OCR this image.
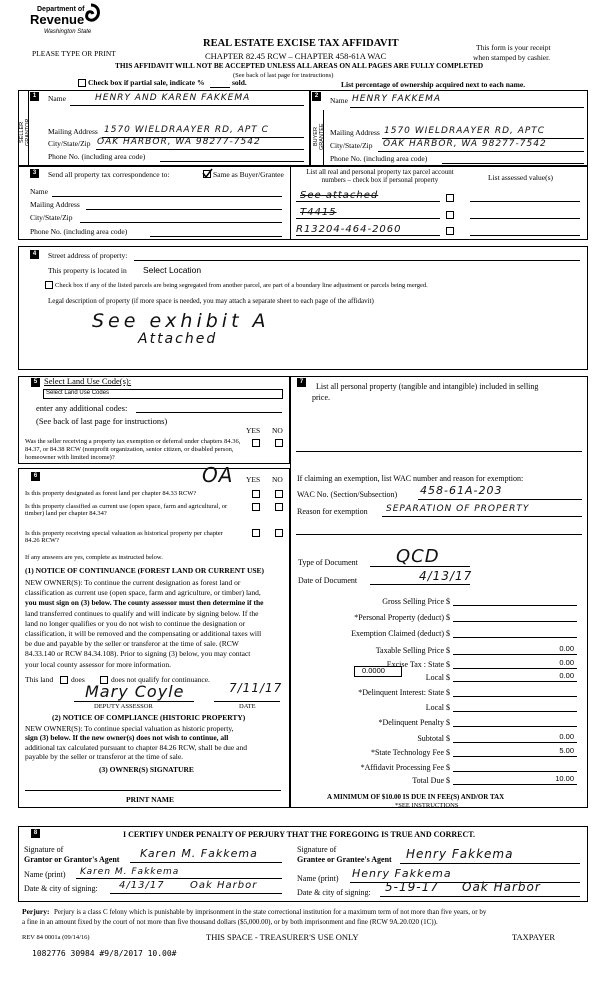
Department of
Revenue
Washington State
PLEASE TYPE OR PRINT
REAL ESTATE EXCISE TAX AFFIDAVIT
CHAPTER 82.45 RCW – CHAPTER 458-61A WAC
THIS AFFIDAVIT WILL NOT BE ACCEPTED UNLESS ALL AREAS ON ALL PAGES ARE FULLY COMPLETED
This form is your receipt
when stamped by cashier.
(See back of last page for instructions)
Check box if partial sale, indicate %	sold.	List percentage of ownership acquired next to each name.
1
SELLER GRANTOR
Name	HENRY AND KAREN FAKKEMA
Mailing Address 1570 WIELDRAAYER RD, APT C
City/State/Zip OAK HARBOR, WA 98277-7542
Phone No. (including area code)
2
BUYER GRANTEE
Name HENRY FAKKEMA
Mailing Address 1570 WIELDRAAYER RD, APTC
City/State/Zip OAK HARBOR, WA 98277-7542
Phone No. (including area code)
3	Send all property tax correspondence to:	Same as Buyer/Grantee
Name
Mailing Address
City/State/Zip
Phone No. (including area code)
List all real and personal property tax parcel account numbers – check box if personal property	List assessed value(s)
See attached
T4415
R13204-464-2060
4	Street address of property:
This property is located in Select Location
Check box if any of the listed parcels are being segregated from another parcel, are part of a boundary line adjustment or parcels being merged.
Legal description of property (if more space is needed, you may attach a separate sheet to each page of the affidavit)
See exhibit A
Attached
5 Select Land Use Code(s):
Select Land Use Codes
enter any additional codes:
(See back of last page for instructions)
YES NO
Was the seller receiving a property tax exemption or deferral under chapters 84.36, 84.37, or 84.38 RCW (nonprofit organization, senior citizen, or disabled person, homeowner with limited income)?
6	YES NO
OA
Is this property designated as forest land per chapter 84.33 RCW?
Is this property classified as current use (open space, farm and agricultural, or timber) land per chapter 84.34?
Is this property receiving special valuation as historical property per chapter 84.26 RCW?
If any answers are yes, complete as instructed below.
(1) NOTICE OF CONTINUANCE (FOREST LAND OR CURRENT USE)
NEW OWNER(S): To continue the current designation as forest land or
classification as current use (open space, farm and agriculture, or timber) land,
you must sign on (3) below. The county assessor must then determine if the
land transferred continues to qualify and will indicate by signing below. If the
land no longer qualifies or you do not wish to continue the designation or
classification, it will be removed and the compensating or additional taxes will
be due and payable by the seller or transferor at the time of sale. (RCW
84.33.140 or RCW 84.34.108). Prior to signing (3) below, you may contact
your local county assessor for more information.
This land does	does not qualify for continuance.
Mary Coyle	7/11/17
DEPUTY ASSESSOR	DATE
(2) NOTICE OF COMPLIANCE (HISTORIC PROPERTY)
NEW OWNER(S): To continue special valuation as historic property,
sign (3) below. If the new owner(s) does not wish to continue, all
additional tax calculated pursuant to chapter 84.26 RCW, shall be due and
payable by the seller or transferor at the time of sale.
(3) OWNER(S) SIGNATURE
PRINT NAME
7	List all personal property (tangible and intangible) included in selling
price.
If claiming an exemption, list WAC number and reason for exemption:
WAC No. (Section/Subsection) 458-61A-203
Reason for exemption SEPARATION OF PROPERTY
Type of Document QCD
Date of Document	4/13/17
Gross Selling Price $
*Personal Property (deduct) $
Exemption Claimed (deduct) $
Taxable Selling Price $	0.00
Excise Tax : State $	0.00
Local $	0.00
*Delinquent Interest: State $
Local $
*Delinquent Penalty $
Subtotal $	0.00
*State Technology Fee $	5.00
*Affidavit Processing Fee $
Total Due $	10.00
0.0000
A MINIMUM OF $10.00 IS DUE IN FEE(S) AND/OR TAX
*SEE INSTRUCTIONS
8	I CERTIFY UNDER PENALTY OF PERJURY THAT THE FOREGOING IS TRUE AND CORRECT.
Signature of
Grantor or Grantor's Agent Karen M. Fakkema
Name (print) Karen M. Fakkema
Date & city of signing: 4/13/17	Oak Harbor
Signature of
Grantee or Grantee's Agent Henry Fakkema
Name (print) Henry Fakkema
Date & city of signing: 5-19-17 Oak Harbor
Perjury: Perjury is a class C felony which is punishable by imprisonment in the state correctional institution for a maximum term of not more than five years, or by
a fine in an amount fixed by the court of not more than five thousand dollars ($5,000.00), or by both imprisonment and fine (RCW 9A.20.020 (1C)).
REV 84 0001a (09/14/16)	THIS SPACE - TREASURER'S USE ONLY	TAXPAYER
1082776 30984 #9/8/2017 10.00#
